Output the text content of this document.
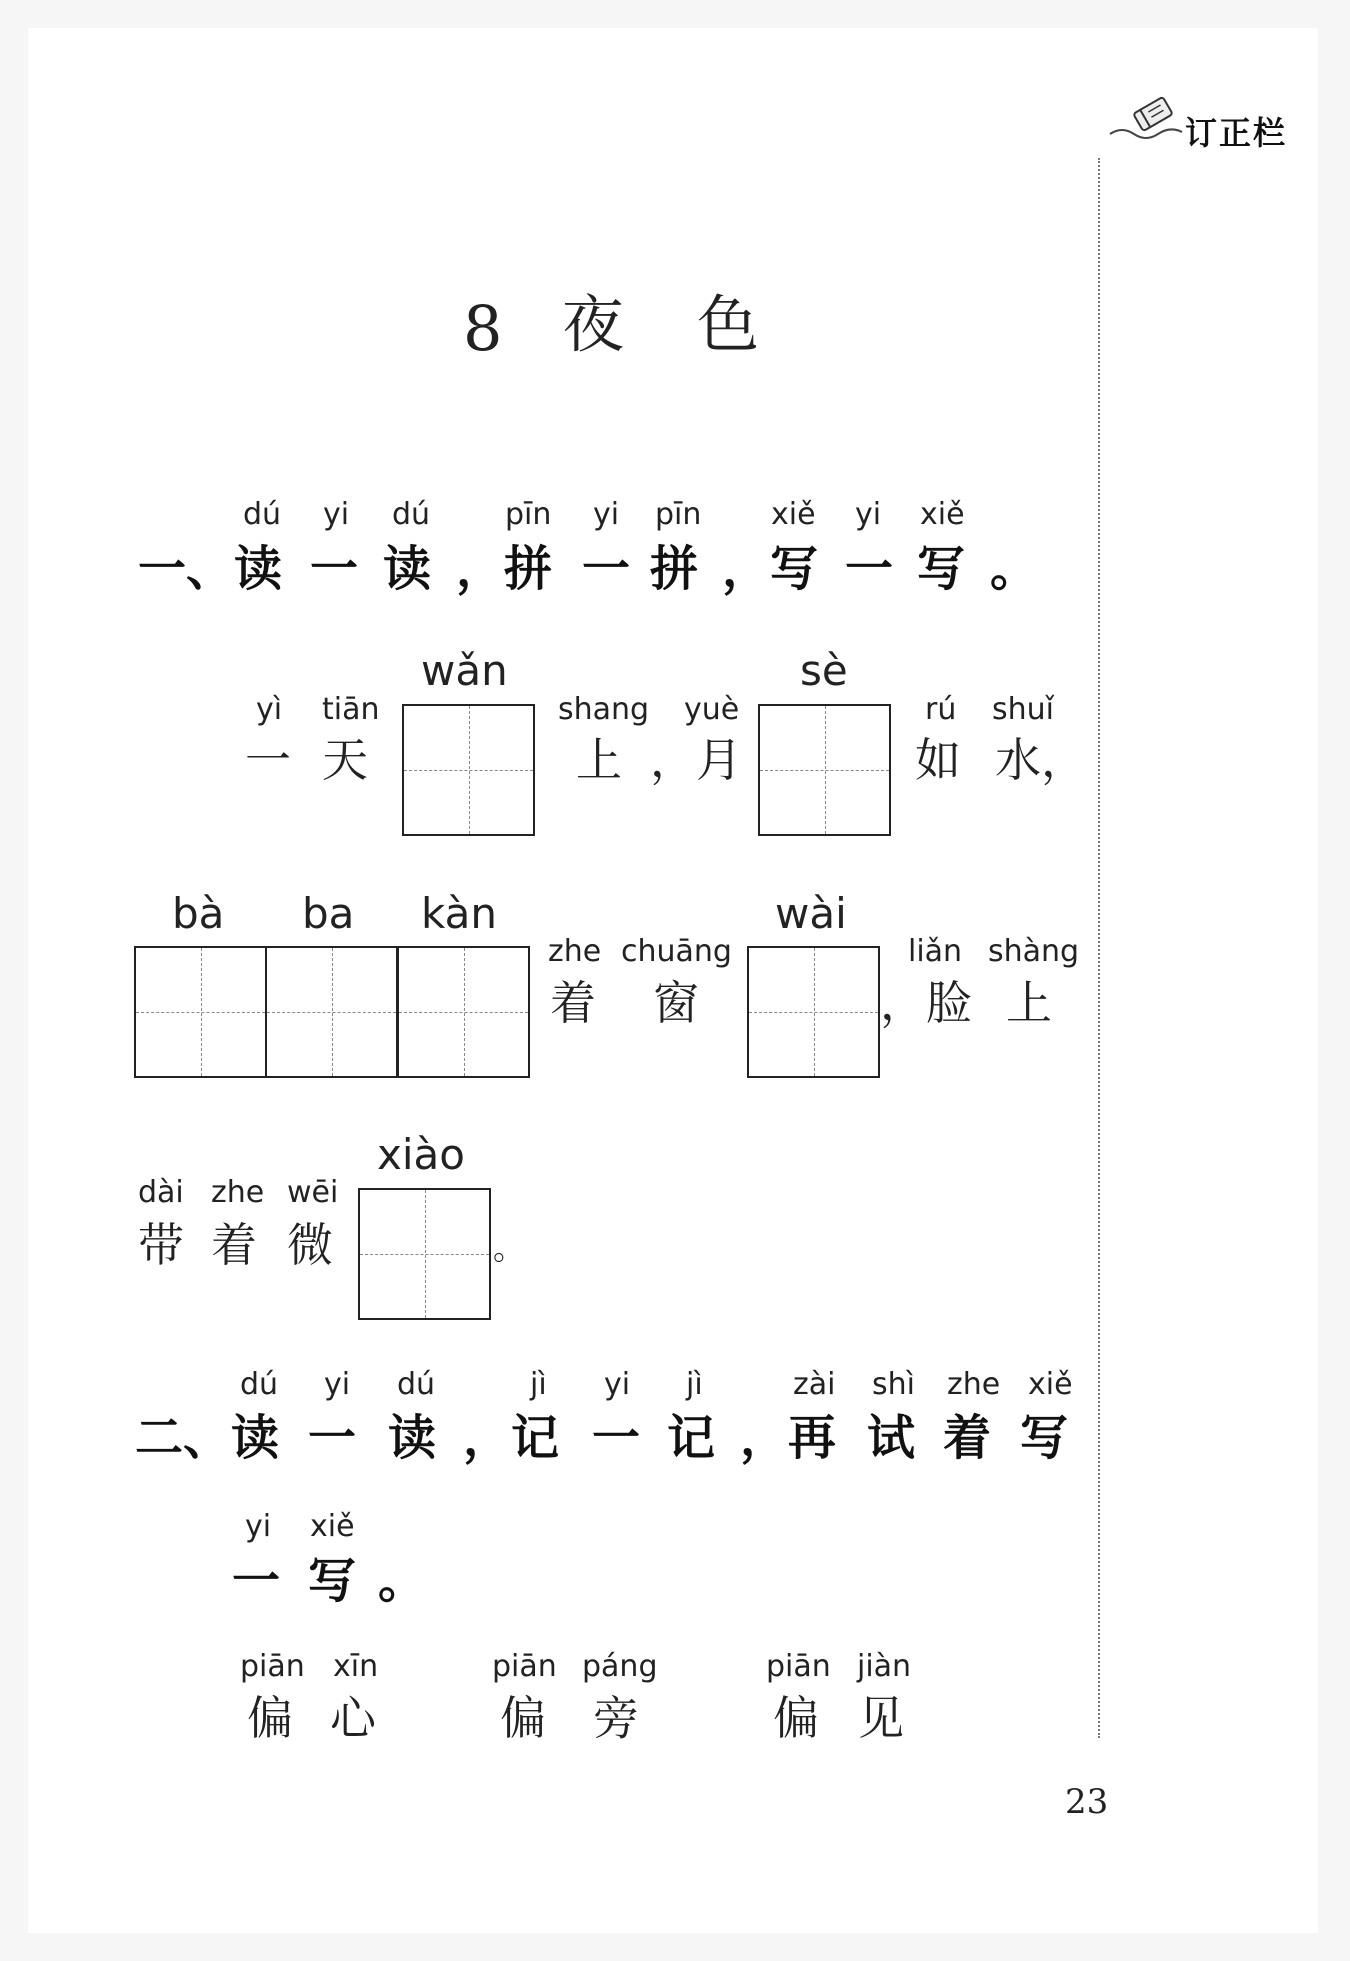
订正栏
8 夜 色
dú yi dú pīn yi pīn xiě yi xiě
一、读 一 读 ，拼 一 拼 ，写 一 写 。
yì tiān
wǎn
shang yuè
sè
rú shuǐ
一 天	上 ，月	如 水，
bà ba kàn
zhe chuāng
wài
liǎn shàng
着 窗	，脸 上
dài zhe wēi
xiào
带 着 微	。
dú yi dú	jì yi jì	zài shì zhe xiě
二、读 一 读 ，记 一 记 ，再 试 着 写
yi xiě
一 写 。
piān xīn
偏 心
piān páng
偏 旁
piān jiàn
偏 见
23
